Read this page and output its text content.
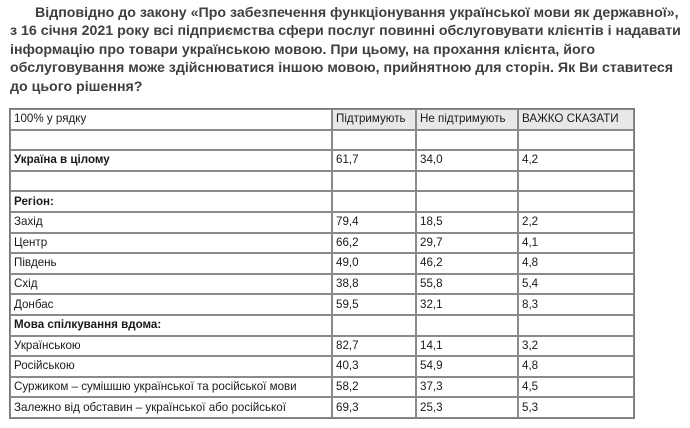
Відповідно до закону «Про забезпечення функціонування української мови як державної», з 16 січня 2021 року всі підприємства сфери послуг повинні обслуговувати клієнтів і надавати інформацію про товари українською мовою. При цьому, на прохання клієнта, його обслуговування може здійснюватися іншою мовою, прийнятною для сторін. Як Ви ставитеся до цього рішення?

100% у рядку	Підтримують	Не підтримують	ВАЖКО СКАЗАТИ

Україна в цілому	61,7	34,0	4,2

Регіон:			
Захід	79,4	18,5	2,2
Центр	66,2	29,7	4,1
Південь	49,0	46,2	4,8
Схід	38,8	55,8	5,4
Донбас	59,5	32,1	8,3
Мова спілкування вдома:			
Українською	82,7	14,1	3,2
Російською	40,3	54,9	4,8
Суржиком – сумішшю української та російської мови	58,2	37,3	4,5
Залежно від обставин – української або російської	69,3	25,3	5,3
